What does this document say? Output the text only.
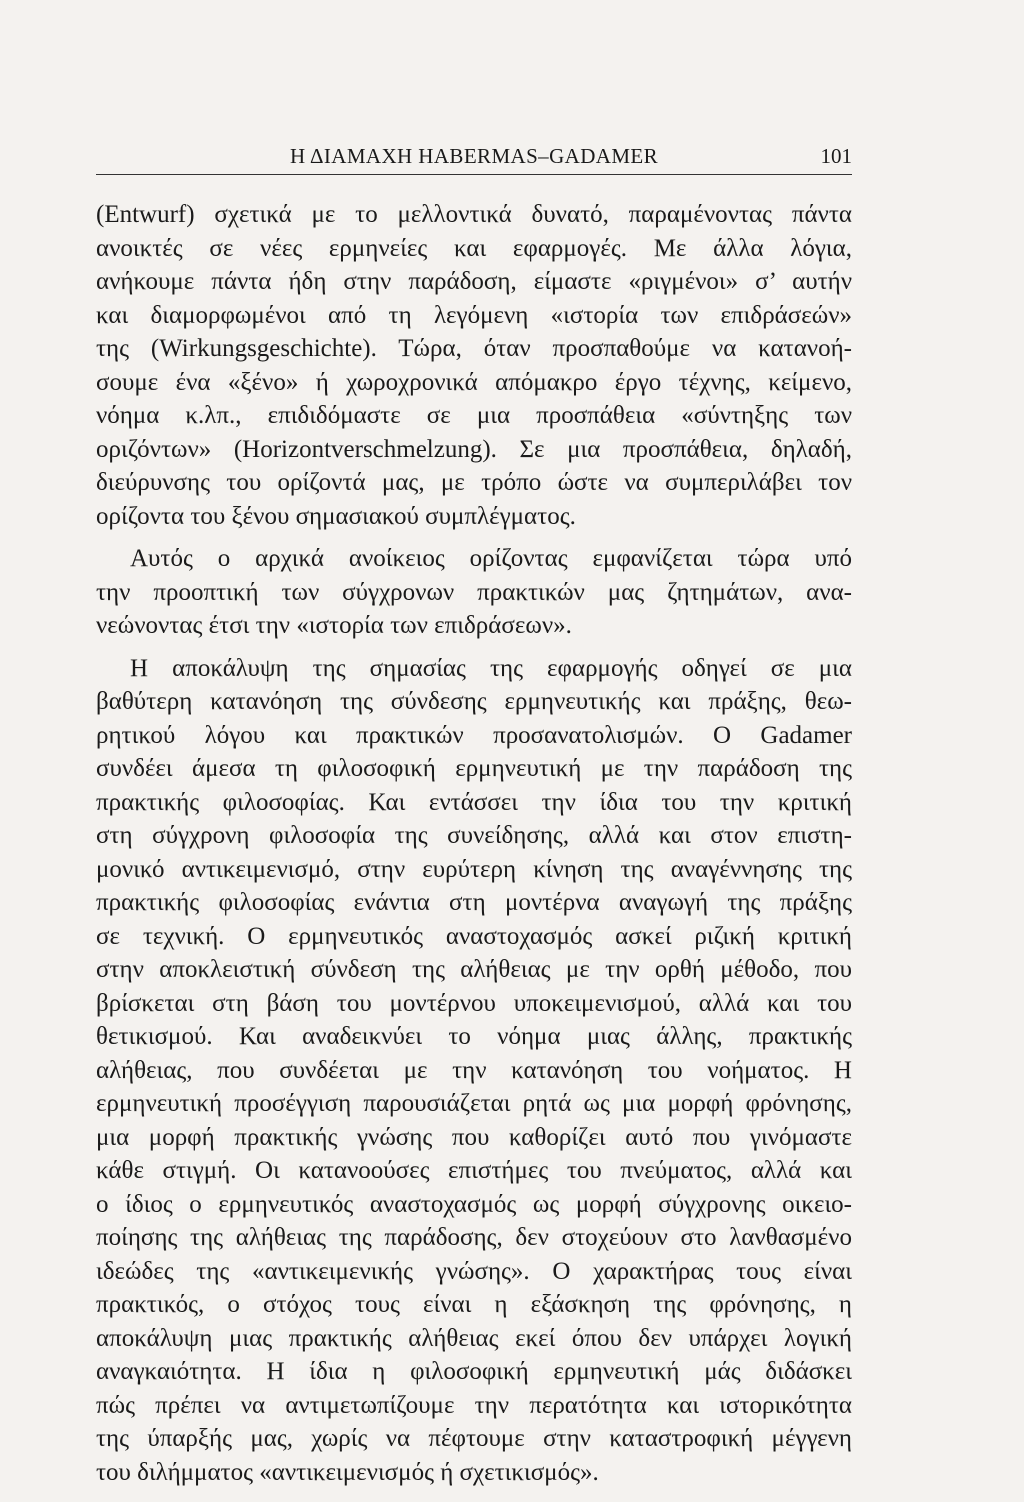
Η ΔΙΑΜΑΧΗ HABERMAS–GADAMER	101
(Entwurf) σχετικά με το μελλοντικά δυνατό, παραμένοντας πάντα
ανοικτές σε νέες ερμηνείες και εφαρμογές. Με άλλα λόγια,
ανήκουμε πάντα ήδη στην παράδοση, είμαστε «ριγμένοι» σ’ αυτήν
και διαμορφωμένοι από τη λεγόμενη «ιστορία των επιδράσεών»
της (Wirkungsgeschichte). Τώρα, όταν προσπαθούμε να κατανοή-
σουμε ένα «ξένο» ή χωροχρονικά απόμακρο έργο τέχνης, κείμενο,
νόημα κ.λπ., επιδιδόμαστε σε μια προσπάθεια «σύντηξης των
οριζόντων» (Horizontverschmelzung). Σε μια προσπάθεια, δηλαδή,
διεύρυνσης του ορίζοντά μας, με τρόπο ώστε να συμπεριλάβει τον
ορίζοντα του ξένου σημασιακού συμπλέγματος.
Αυτός ο αρχικά ανοίκειος ορίζοντας εμφανίζεται τώρα υπό
την προοπτική των σύγχρονων πρακτικών μας ζητημάτων, ανα-
νεώνοντας έτσι την «ιστορία των επιδράσεων».
Η αποκάλυψη της σημασίας της εφαρμογής οδηγεί σε μια
βαθύτερη κατανόηση της σύνδεσης ερμηνευτικής και πράξης, θεω-
ρητικού λόγου και πρακτικών προσανατολισμών. Ο Gadamer
συνδέει άμεσα τη φιλοσοφική ερμηνευτική με την παράδοση της
πρακτικής φιλοσοφίας. Και εντάσσει την ίδια του την κριτική
στη σύγχρονη φιλοσοφία της συνείδησης, αλλά και στον επιστη-
μονικό αντικειμενισμό, στην ευρύτερη κίνηση της αναγέννησης της
πρακτικής φιλοσοφίας ενάντια στη μοντέρνα αναγωγή της πράξης
σε τεχνική. Ο ερμηνευτικός αναστοχασμός ασκεί ριζική κριτική
στην αποκλειστική σύνδεση της αλήθειας με την ορθή μέθοδο, που
βρίσκεται στη βάση του μοντέρνου υποκειμενισμού, αλλά και του
θετικισμού. Και αναδεικνύει το νόημα μιας άλλης, πρακτικής
αλήθειας, που συνδέεται με την κατανόηση του νοήματος. Η
ερμηνευτική προσέγγιση παρουσιάζεται ρητά ως μια μορφή φρόνησης,
μια μορφή πρακτικής γνώσης που καθορίζει αυτό που γινόμαστε
κάθε στιγμή. Οι κατανοούσες επιστήμες του πνεύματος, αλλά και
ο ίδιος ο ερμηνευτικός αναστοχασμός ως μορφή σύγχρονης οικειο-
ποίησης της αλήθειας της παράδοσης, δεν στοχεύουν στο λανθασμένο
ιδεώδες της «αντικειμενικής γνώσης». Ο χαρακτήρας τους είναι
πρακτικός, ο στόχος τους είναι η εξάσκηση της φρόνησης, η
αποκάλυψη μιας πρακτικής αλήθειας εκεί όπου δεν υπάρχει λογική
αναγκαιότητα. Η ίδια η φιλοσοφική ερμηνευτική μάς διδάσκει
πώς πρέπει να αντιμετωπίζουμε την περατότητα και ιστορικότητα
της ύπαρξής μας, χωρίς να πέφτουμε στην καταστροφική μέγγενη
του διλήμματος «αντικειμενισμός ή σχετικισμός».
